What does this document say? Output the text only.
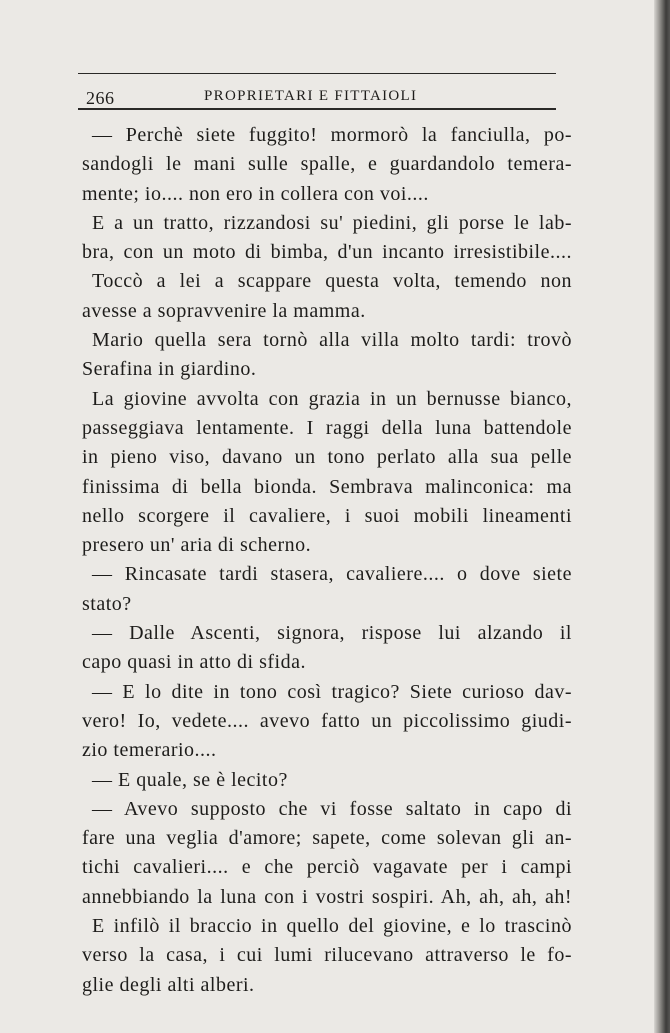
266	PROPRIETARI E FITTAIOLI
— Perchè siete fuggito! mormorò la fanciulla, po-
sandogli le mani sulle spalle, e guardandolo temera-
mente; io.... non ero in collera con voi....
E a un tratto, rizzandosi su' piedini, gli porse le lab-
bra, con un moto di bimba, d'un incanto irresistibile....
Toccò a lei a scappare questa volta, temendo non
avesse a sopravvenire la mamma.
Mario quella sera tornò alla villa molto tardi: trovò
Serafina in giardino.
La giovine avvolta con grazia in un bernusse bianco,
passeggiava lentamente. I raggi della luna battendole
in pieno viso, davano un tono perlato alla sua pelle
finissima di bella bionda. Sembrava malinconica: ma
nello scorgere il cavaliere, i suoi mobili lineamenti
presero un' aria di scherno.
— Rincasate tardi stasera, cavaliere.... o dove siete
stato?
— Dalle Ascenti, signora, rispose lui alzando il
capo quasi in atto di sfida.
— E lo dite in tono così tragico? Siete curioso dav-
vero! Io, vedete.... avevo fatto un piccolissimo giudi-
zio temerario....
— E quale, se è lecito?
— Avevo supposto che vi fosse saltato in capo di
fare una veglia d'amore; sapete, come solevan gli an-
tichi cavalieri.... e che perciò vagavate per i campi
annebbiando la luna con i vostri sospiri. Ah, ah, ah, ah!
E infilò il braccio in quello del giovine, e lo trascinò
verso la casa, i cui lumi rilucevano attraverso le fo-
glie degli alti alberi.
